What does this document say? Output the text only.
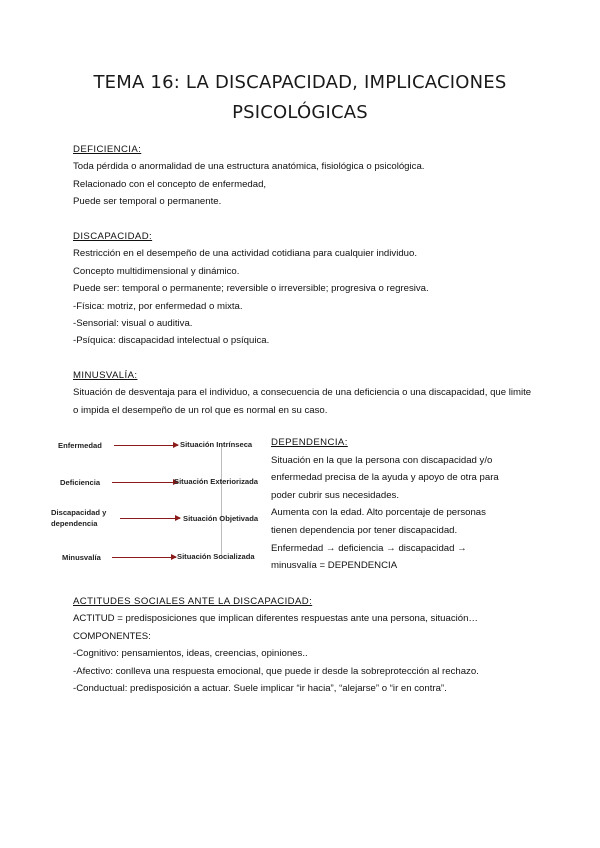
TEMA 16: LA DISCAPACIDAD, IMPLICACIONES
PSICOLÓGICAS
DEFICIENCIA:
Toda pérdida o anormalidad de una estructura anatómica, fisiológica o psicológica.
Relacionado con el concepto de enfermedad,
Puede ser temporal o permanente.
DISCAPACIDAD:
Restricción en el desempeño de una actividad cotidiana para cualquier individuo.
Concepto multidimensional y dinámico.
Puede ser: temporal o permanente; reversible o irreversible; progresiva o regresiva.
-Física: motriz, por enfermedad o mixta.
-Sensorial: visual o auditiva.
-Psíquica: discapacidad intelectual o psíquica.
MINUSVALÍA:
Situación de desventaja para el individuo, a consecuencia de una deficiencia o una discapacidad, que limite o impida el desempeño de un rol que es normal en su caso.
Enfermedad	Situación Intrínseca
Deficiencia	Situación Exteriorizada
Discapacidad y dependencia
Situación Objetivada
Minusvalía	Situación Socializada
DEPENDENCIA:
Situación en la que la persona con discapacidad y/o
enfermedad precisa de la ayuda y apoyo de otra para
poder cubrir sus necesidades.
Aumenta con la edad. Alto porcentaje de personas
tienen dependencia por tener discapacidad.
Enfermedad → deficiencia → discapacidad →
minusvalía = DEPENDENCIA
ACTITUDES SOCIALES ANTE LA DISCAPACIDAD:
ACTITUD = predisposiciones que implican diferentes respuestas ante una persona, situación…
COMPONENTES:
-Cognitivo: pensamientos, ideas, creencias, opiniones..
-Afectivo: conlleva una respuesta emocional, que puede ir desde la sobreprotección al rechazo.
-Conductual: predisposición a actuar. Suele implicar “ir hacia”, “alejarse” o “ir en contra”.
